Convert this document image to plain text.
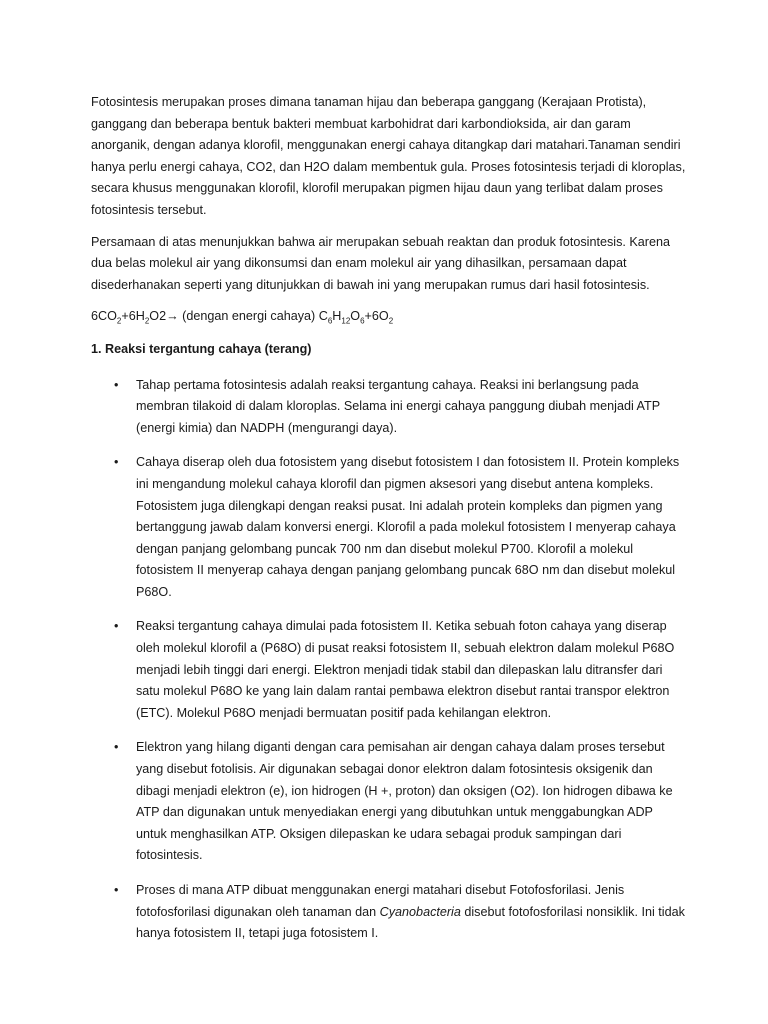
Fotosintesis merupakan proses dimana tanaman hijau dan beberapa ganggang (Kerajaan Protista), ganggang dan beberapa bentuk bakteri membuat karbohidrat dari karbondioksida, air dan garam anorganik, dengan adanya klorofil, menggunakan energi cahaya ditangkap dari matahari.Tanaman sendiri hanya perlu energi cahaya, CO2, dan H2O dalam membentuk gula. Proses fotosintesis terjadi di kloroplas, secara khusus menggunakan klorofil, klorofil merupakan pigmen hijau daun yang terlibat dalam proses fotosintesis tersebut.

Persamaan di atas menunjukkan bahwa air merupakan sebuah reaktan dan produk fotosintesis. Karena dua belas molekul air yang dikonsumsi dan enam molekul air yang dihasilkan, persamaan dapat disederhanakan seperti yang ditunjukkan di bawah ini yang merupakan rumus dari hasil fotosintesis.

$6CO_2+6H_2O2\to$ (dengan energi cahaya) $C_6H_{12}O_6+6O_2$

1. Reaksi tergantung cahaya (terang)

• Tahap pertama fotosintesis adalah reaksi tergantung cahaya. Reaksi ini berlangsung pada membran tilakoid di dalam kloroplas. Selama ini energi cahaya panggung diubah menjadi ATP (energi kimia) dan NADPH (mengurangi daya).
• Cahaya diserap oleh dua fotosistem yang disebut fotosistem I dan fotosistem II. Protein kompleks ini mengandung molekul cahaya klorofil dan pigmen aksesori yang disebut antena kompleks. Fotosistem juga dilengkapi dengan reaksi pusat. Ini adalah protein kompleks dan pigmen yang bertanggung jawab dalam konversi energi. Klorofil a pada molekul fotosistem I menyerap cahaya dengan panjang gelombang puncak 700 nm dan disebut molekul P700. Klorofil a molekul fotosistem II menyerap cahaya dengan panjang gelombang puncak 68O nm dan disebut molekul P68O.
• Reaksi tergantung cahaya dimulai pada fotosistem II. Ketika sebuah foton cahaya yang diserap oleh molekul klorofil a (P68O) di pusat reaksi fotosistem II, sebuah elektron dalam molekul P68O menjadi lebih tinggi dari energi. Elektron menjadi tidak stabil dan dilepaskan lalu ditransfer dari satu molekul P68O ke yang lain dalam rantai pembawa elektron disebut rantai transpor elektron (ETC). Molekul P68O menjadi bermuatan positif pada kehilangan elektron.
• Elektron yang hilang diganti dengan cara pemisahan air dengan cahaya dalam proses tersebut yang disebut fotolisis. Air digunakan sebagai donor elektron dalam fotosintesis oksigenik dan dibagi menjadi elektron (e), ion hidrogen (H +, proton) dan oksigen (O2). Ion hidrogen dibawa ke ATP dan digunakan untuk menyediakan energi yang dibutuhkan untuk menggabungkan ADP untuk menghasilkan ATP. Oksigen dilepaskan ke udara sebagai produk sampingan dari fotosintesis.
• Proses di mana ATP dibuat menggunakan energi matahari disebut Fotofosforilasi. Jenis fotofosforilasi digunakan oleh tanaman dan Cyanobacteria disebut fotofosforilasi nonsiklik. Ini tidak hanya fotosistem II, tetapi juga fotosistem I.
